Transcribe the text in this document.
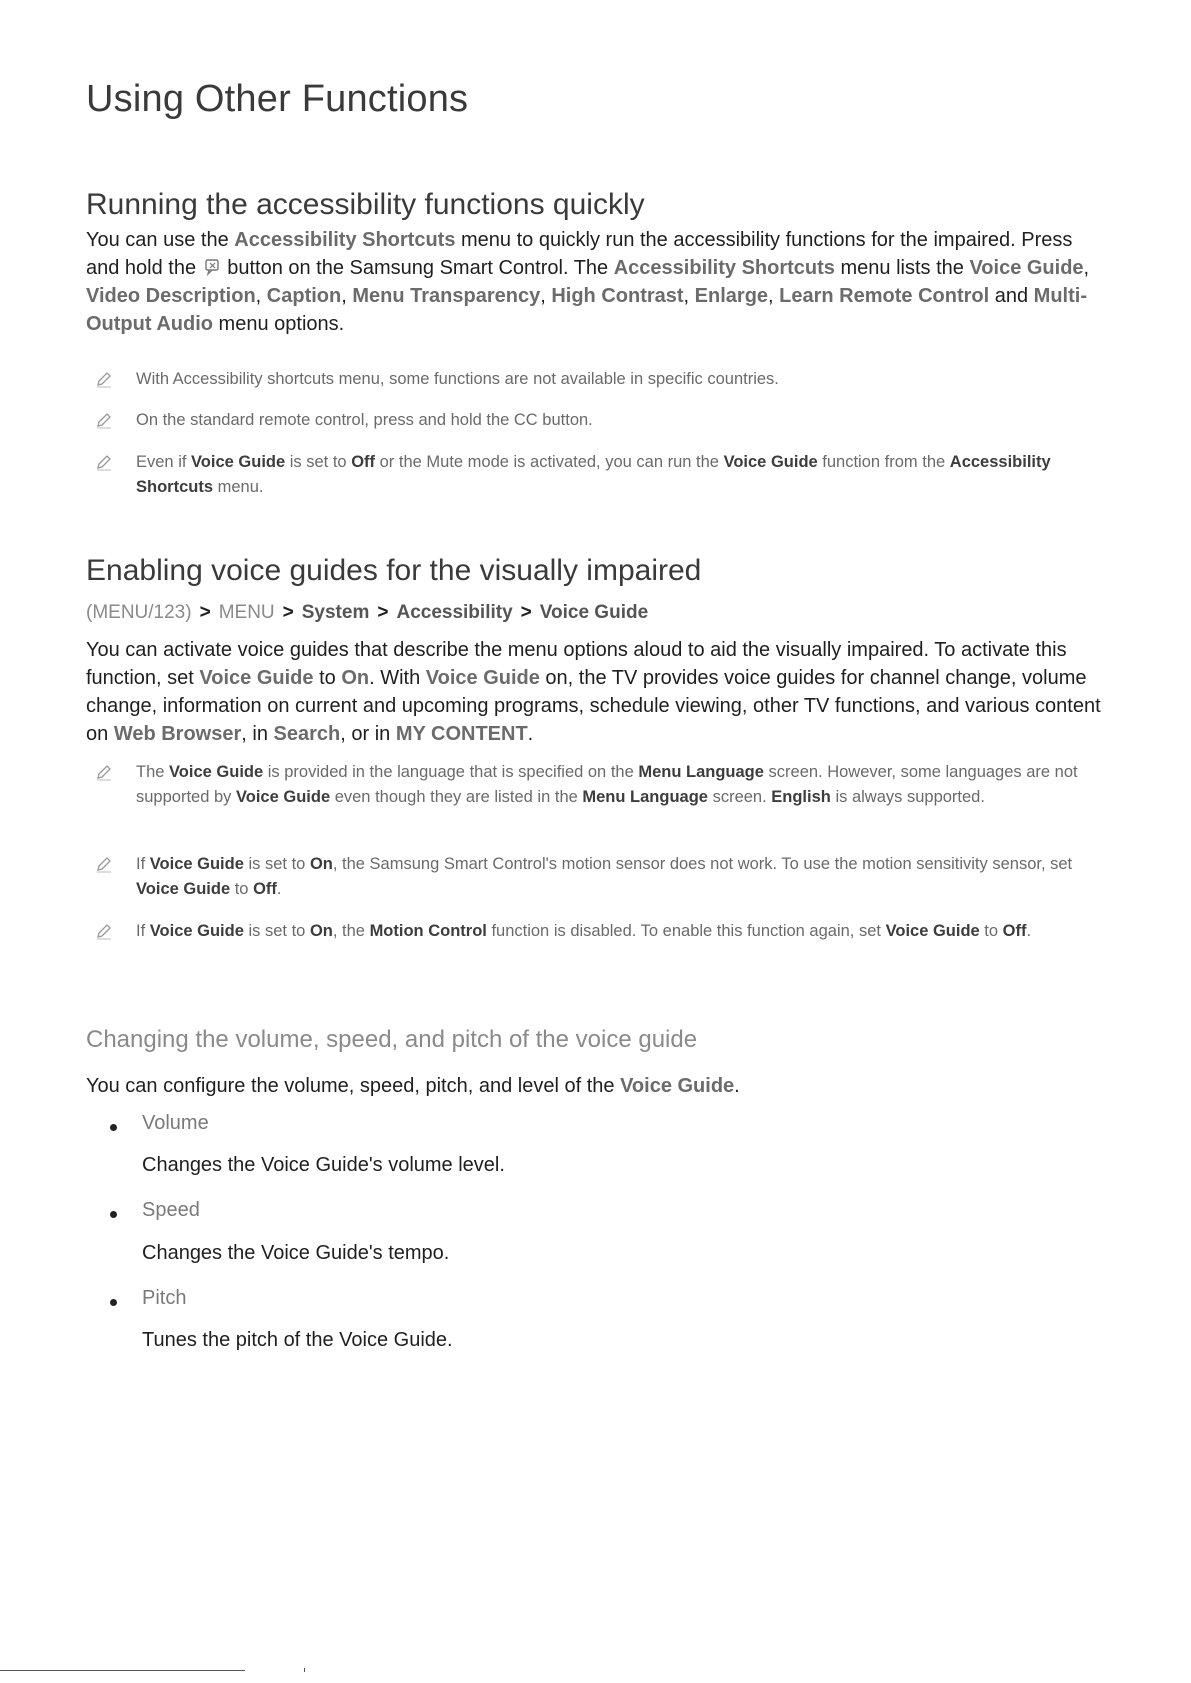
Using Other Functions
Running the accessibility functions quickly
You can use the Accessibility Shortcuts menu to quickly run the accessibility functions for the impaired. Press and hold the  button on the Samsung Smart Control. The Accessibility Shortcuts menu lists the Voice Guide, Video Description, Caption, Menu Transparency, High Contrast, Enlarge, Learn Remote Control and Multi-Output Audio menu options.
With Accessibility shortcuts menu, some functions are not available in specific countries.
On the standard remote control, press and hold the CC button.
Even if Voice Guide is set to Off or the Mute mode is activated, you can run the Voice Guide function from the Accessibility Shortcuts menu.
Enabling voice guides for the visually impaired
(MENU/123) > MENU > System > Accessibility > Voice Guide
You can activate voice guides that describe the menu options aloud to aid the visually impaired. To activate this function, set Voice Guide to On. With Voice Guide on, the TV provides voice guides for channel change, volume change, information on current and upcoming programs, schedule viewing, other TV functions, and various content on Web Browser, in Search, or in MY CONTENT.
The Voice Guide is provided in the language that is specified on the Menu Language screen. However, some languages are not supported by Voice Guide even though they are listed in the Menu Language screen. English is always supported.
If Voice Guide is set to On, the Samsung Smart Control's motion sensor does not work. To use the motion sensitivity sensor, set Voice Guide to Off.
If Voice Guide is set to On, the Motion Control function is disabled. To enable this function again, set Voice Guide to Off.
Changing the volume, speed, and pitch of the voice guide
You can configure the volume, speed, pitch, and level of the Voice Guide.
Volume
Changes the Voice Guide's volume level.
Speed
Changes the Voice Guide's tempo.
Pitch
Tunes the pitch of the Voice Guide.
